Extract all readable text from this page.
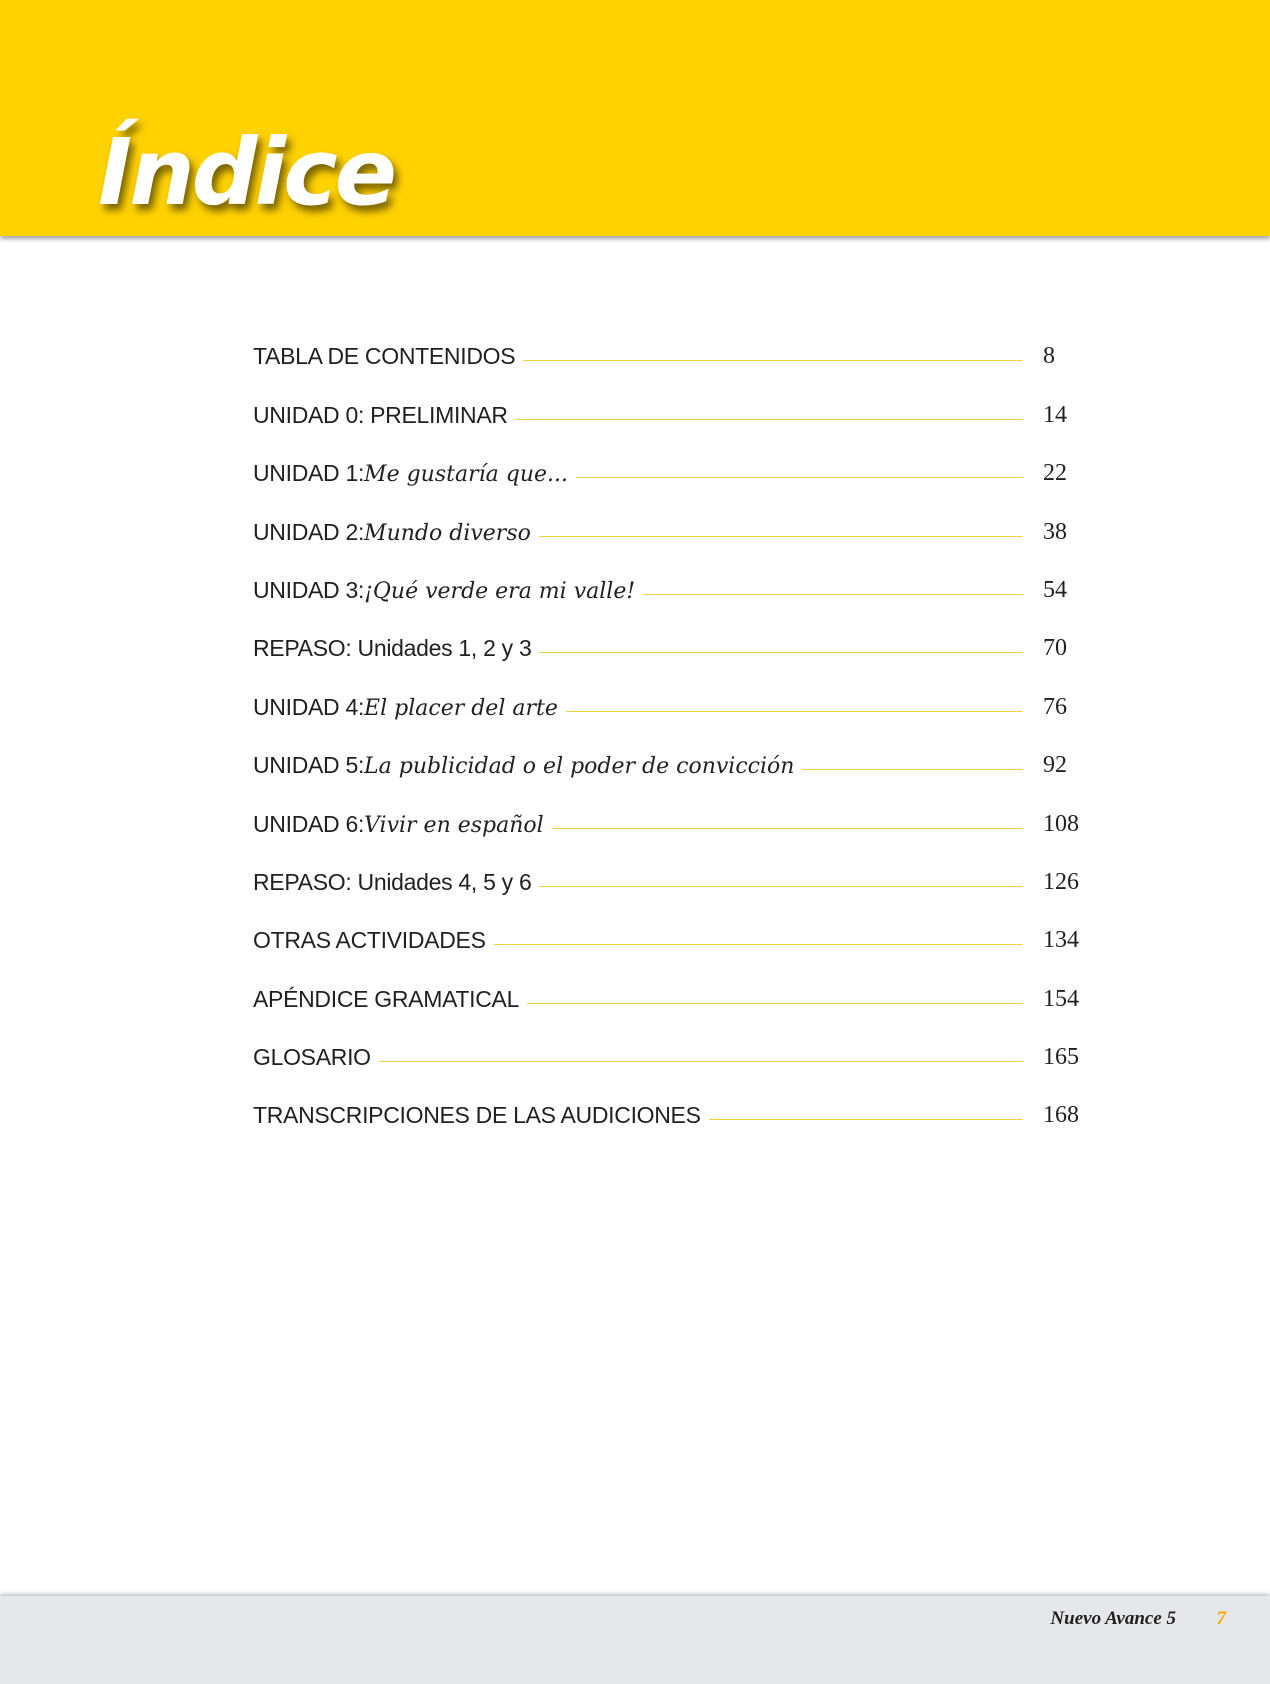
Índice
TABLA DE CONTENIDOS	8
UNIDAD 0: PRELIMINAR	14
UNIDAD 1: Me gustaría que...	22
UNIDAD 2: Mundo diverso	38
UNIDAD 3: ¡Qué verde era mi valle!	54
REPASO: Unidades 1, 2 y 3	70
UNIDAD 4: El placer del arte	76
UNIDAD 5: La publicidad o el poder de convicción	92
UNIDAD 6: Vivir en español	108
REPASO: Unidades 4, 5 y 6	126
OTRAS ACTIVIDADES	134
APÉNDICE GRAMATICAL	154
GLOSARIO	165
TRANSCRIPCIONES DE LAS AUDICIONES	168
Nuevo Avance 5 7
